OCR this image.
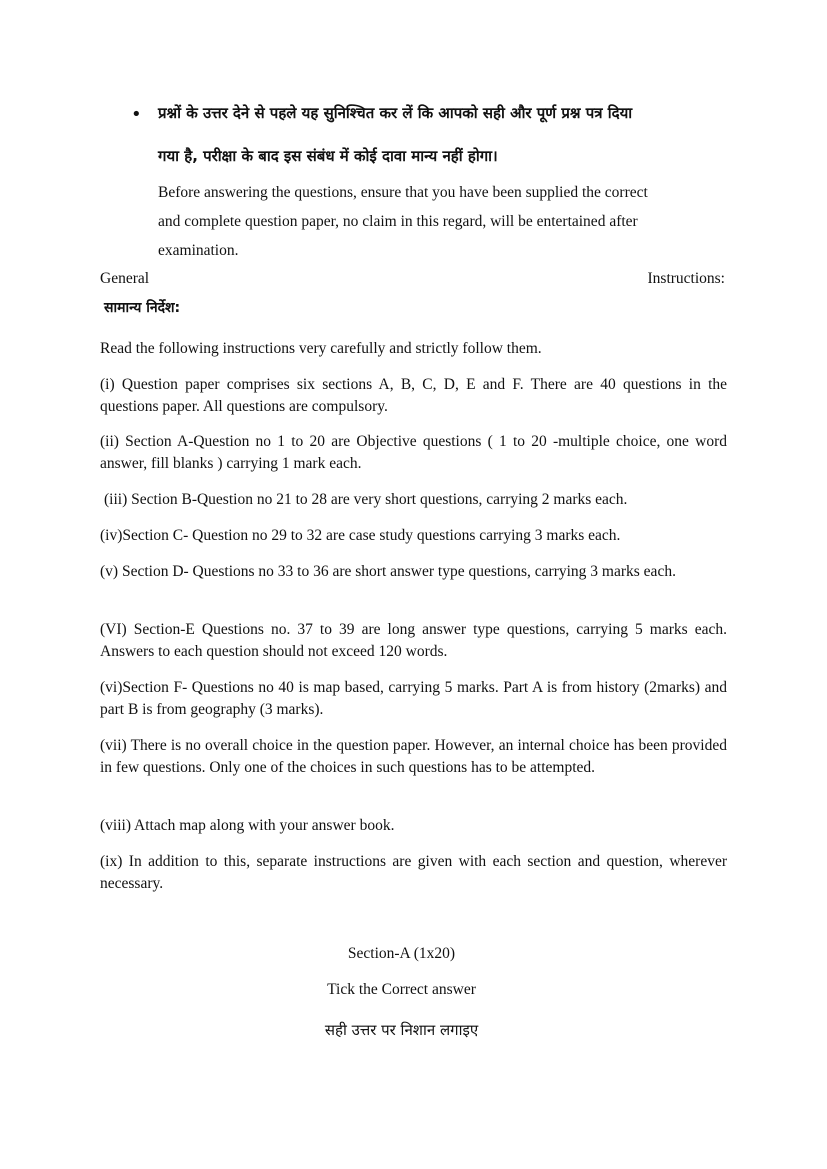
• प्रश्नों के उत्तर देने से पहले यह सुनिश्चित कर लें कि आपको सही और पूर्ण प्रश्न पत्र दिया
गया है, परीक्षा के बाद इस संबंध में कोई दावा मान्य नहीं होगा।
Before answering the questions, ensure that you have been supplied the correct
and complete question paper, no claim in this regard, will be entertained after
examination.
General	Instructions:
सामान्य निर्देश:
Read the following instructions very carefully and strictly follow them.
(i) Question paper comprises six sections A, B, C, D, E and F. There are 40 questions in the questions paper. All questions are compulsory.
(ii) Section A-Question no 1 to 20 are Objective questions ( 1 to 20 -multiple choice, one word answer, fill blanks ) carrying 1 mark each.
(iii) Section B-Question no 21 to 28 are very short questions, carrying 2 marks each.
(iv)Section C- Question no 29 to 32 are case study questions carrying 3 marks each.
(v) Section D- Questions no 33 to 36 are short answer type questions, carrying 3 marks each.
(VI) Section-E Questions no. 37 to 39 are long answer type questions, carrying 5 marks each. Answers to each question should not exceed 120 words.
(vi)Section F- Questions no 40 is map based, carrying 5 marks. Part A is from history (2marks) and part B is from geography (3 marks).
(vii) There is no overall choice in the question paper. However, an internal choice has been provided in few questions. Only one of the choices in such questions has to be attempted.
(viii) Attach map along with your answer book.
(ix) In addition to this, separate instructions are given with each section and question, wherever necessary.
Section-A (1x20)
Tick the Correct answer
सही उत्तर पर निशान लगाइए
